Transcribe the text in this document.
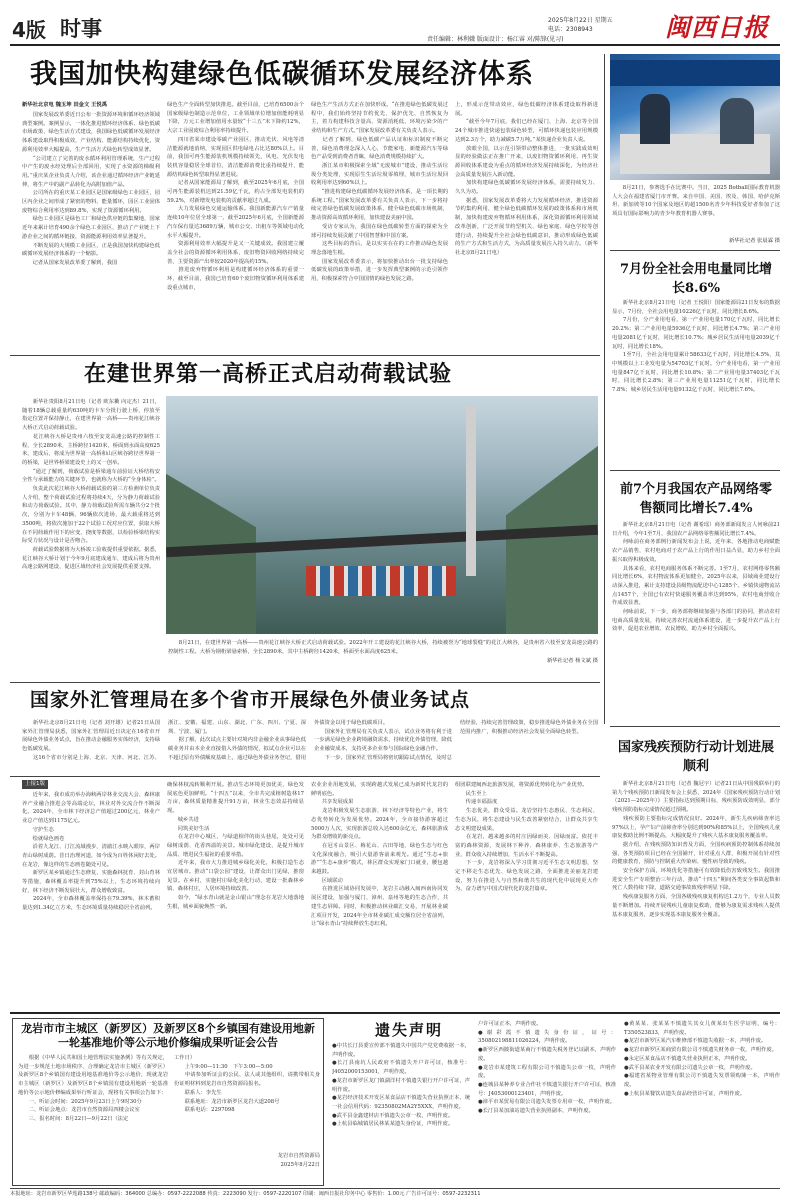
4版 时事	2025年8月22日 星期五
电话：2308943
责任编辑：林利娥 版面设计：杨江睿 对/陈锋(见习)	闽西日报
我国加快构建绿色低碳循环发展经济体系
新华社北京电 魏玉坤 田金文 王悦禹
　　国家发展改革委近日公布一批资源环境和循环经济领域典型案例。案例显示，一体化推进循环经济体系、绿色低碳市场政策、绿色生活方式建设，我国绿色低碳循环发展经济体系建设取得积极成效，产业结构、能源结构持续优化，资源利用效率大幅提高，生产生活方式绿色转型成效显著。
　　“公司建立了完善的废水循环利用管理系统，生产过程中产生的废水经处理后全部回用，实现了水资源的梯级利用。”重庆某企业负责人介绍，该企业通过循环经济产业链延伸，将生产中的副产品转化为高附加值产品。
　　公司所在的重庆某工业园区是国家级绿色工业园区，园区内企业之间形成了紧密的物料、能量循环，园区工业固体废物综合利用率达到89.8%，实现了资源循环利用。
　　绿色工业园区是绿色工厂和绿色供应链的集聚地，国家近年来累计培育490余个绿色工业园区，推动了产业链上下游企业之间的循环链接，资源能源利用效率显著提升。
　　不断发展的大规模工业园区，正是我国加快构建绿色低碳循环发展经济体系的一个缩影。
　　记者从国家发展改革委了解到，我国
绿色生产全面转型加快推进。截至目前，已培育6500余个国家级绿色制造示范单位，工业领域单位增加值能耗明显下降，万元工业增加值用水量较“十三五”末下降约12%，大宗工业固废综合利用率持续提升。
　　四川省某市建设零碳产业园区，推动光伏、风电等清洁能源就地消纳，实现园区供电绿电占比达80%以上。目前，我国可再生能源装机规模持续领先，风电、光伏发电装机容量稳居全球首位，清洁能源消费比重持续提升，能源结构绿色转型取得显著进展。
　　记者从国家能源局了解到，截至2025年6月底，全国可再生能源装机达到21.59亿千瓦，约占全部发电装机的59.2%，对新增发电装机的贡献率超过九成。
　　大力发展绿色交通运输体系。我国新能源汽车产销量连续10年位居全球第一，截至2025年6月底，全国新能源汽车保有量达3689万辆，城市公交、出租车等领域电动化水平大幅提升。
　　资源利用效率大幅提升是又一关键成效。我国建立覆盖全社会的资源循环利用体系，废旧物资回收网络持续完善，主要资源产出率较2020年提高约15%。
　　推进废弃物循环利用是构建循环经济体系的重要一环，截至目前，我国已培育60个废旧物资循环利用体系建设重点城市，
绿色生产生活方式正在加快形成。“在推进绿色低碳发展过程中，我们始终坚持节约优先、保护优先、自然恢复为主，着力构建科技含量高、资源消耗低、环境污染少的产业结构和生产方式。”国家发展改革委有关负责人表示。
　　记者了解到，绿色低碳产品认证和标识制度不断完善，绿色消费理念深入人心，节能家电、新能源汽车等绿色产品受到消费者青睐，绿色消费规模持续扩大。
　　浙江某市积极探索全域“无废城市”建设，推动生活垃圾分类处理，实现原生生活垃圾零填埋，城市生活垃圾回收利用率达到60%以上。
　　“推进构建绿色低碳循环发展经济体系，是一项长期的系统工程。”国家发展改革委有关负责人表示，下一步将持续完善绿色低碳发展政策体系，健全绿色低碳市场机制，推动资源高效循环利用，加快建设美丽中国。
　　受访专家认为，我国在绿色低碳转型方面的探索为全球可持续发展贡献了中国智慧和中国方案。
　　这些目标的背后，是以实实在在的工作推动绿色发展理念落地生根。
　　国家发展改革委表示，将加快推动出台一批支持绿色低碳发展的政策举措，进一步发挥典型案例的示范引领作用，积极探索符合中国国情的绿色发展之路。
上，形成示范带动效应，绿色低碳经济体系建设取得新进展。
　　“截至今年7月底，我们已经在厦门、上海、北京等全国24个城市推进快递包装绿色转型，可循环快递包装应用规模达到2.3万个，助力减碳5.7万吨。”某快递企业负责人说。
　　放眼全国，以示范引领带动整体推进，一批实践成效明显的经验做法正在推广开来，以废旧物资循环利用、再生资源回收体系建设为重点的循环经济发展持续深化，为经济社会高质量发展注入新动能。
　　加快构建绿色低碳循环发展经济体系，需要持续发力、久久为功。
　　据悉，国家发展改革委将大力发展循环经济，推进资源节约集约利用，健全绿色低碳循环发展的政策体系和市场机制，加快构建废弃物循环利用体系，深化资源循环利用领域改革创新，广泛开展节约型机关、绿色家庭、绿色学校等创建行动，持续提升全社会绿色低碳意识，推动形成绿色低碳的生产方式和生活方式，为高质量发展注入持久动力。（新华社北京8月21日电）
　　8月21日，参赛选手在比赛中。当日，2025 Botball国际教育机器人大会在福建省厦门市开赛。来自中国、美国、埃及、韩国、哈萨克斯坦、新加坡等10个国家及地区的超1500名青少年科技爱好者参加了这项具有国际影响力的青少年教育机器人赛事。
新华社记者 张晨霖 摄
7月份全社会用电量同比增长8.6%
　　新华社北京8月21日电（记者 王悦阳）国家能源局21日发布的数据显示，7月份，全社会用电量10226亿千瓦时，同比增长8.6%。
　　7月份，分产业用电看，第一产业用电量170亿千瓦时，同比增长20.2%；第二产业用电量5936亿千瓦时，同比增长4.7%；第三产业用电量2081亿千瓦时，同比增长10.7%；城乡居民生活用电量2039亿千瓦时，同比增长18%。
　　1至7月，全社会用电量累计58633亿千瓦时，同比增长4.5%，其中规模以上工业发电量为54703亿千瓦时。分产业用电看，第一产业用电量847亿千瓦时，同比增长10.8%；第二产业用电量37403亿千瓦时，同比增长2.8%；第三产业用电量11251亿千瓦时，同比增长7.8%；城乡居民生活用电量9132亿千瓦时，同比增长7.6%。
在建世界第一高桥正式启动荷载试验
　　新华社贵阳8月21日电（记者 欧东衢 向定杰）21日，随着18辆总载重量约630吨的卡车分批行驶上桥，停放至指定位置并保持静止，在建世界第一高桥——贵州花江峡谷大桥正式启动荷载试验。
　　花江峡谷大桥是贵州六枝至安龙高速公路的控制性工程，全长2890米，主桥跨径1420米，桥面到水面高度625米，建成后，将成为世界第一高桥和山区峡谷跨径世界第一的桥梁，是世界桥梁建设史上的又一创举。
　　“通过了解到，荷载试验是桥梁通车前验证大桥结构安全性与承载能力的关键环节，也就称为大桥的“全身体检”。
　　负责此次花江峡谷大桥荷载试验的第三方检测单位负责人介绍，整个荷载试验过程将持续4天，分为静力荷载试验和动力荷载试验。其中，静力荷载试验所需车辆共分2个批次，分别为卡车48辆、96辆依次进场，最大载重将达到3500吨，将依次施加于22个试验工况对应位置，获取大桥在不同荷载作用下的应变、挠度等数据，以检验桥梁结构实际受力状况与设计是否吻合。
　　荷载试验数据将为大桥竣工验收提供重要依据。据悉，花江峡谷大桥计划于今年9月底建成通车，建成后将为贵州高速公路网建设、促进区域经济社会发展提供重要支撑。
　　8月21日，在建世界第一高桥——贵州花江峡谷大桥正式启动荷载试验。2022年开工建设的花江峡谷大桥，持续被誉为“地球裂缝”的花江大峡谷，是贵州省六枝至安龙高速公路的控制性工程。大桥为钢桁梁悬索桥，全长2890米，其中主桥跨径1420米，桥面至水面高度625米。
新华社记者 杨文斌 摄
前7个月我国农产品网络零售额同比增长7.4%
　　新华社北京8月21日电（记者 谢希瑶）商务部新闻发言人何咏前21日介绍，今年1至7月，我国农产品网络零售额同比增长7.4%。
　　何咏前在商务部例行新闻发布会上说，近年来，各地推动电商赋能农产品销售，农村电商对于农产品上行的作用日益凸显，助力乡村全面振兴取得积极成效。
　　具体来看，农村电商服务体系不断完善。1至7月，农村网络零售额同比增长6%，农村物流体系更加健全。2025年以来，县域商业建设行动深入推进，累计支持建设县级物流配送中心1285个、乡镇快递物流站点1457个，全国已有农村快递服务覆盖率达到95%，农村电商营收合作成效显著。
　　何咏前说，下一步，商务部将继续加强与各部门的协同，推动农村电商高质量发展，持续完善农村流通体系建设，进一步提升农产品上行效率，促进农业增效、农民增收，助力乡村全面振兴。
国家外汇管理局在多个省市开展绿色外债业务试点
　　新华社北京8月21日电（记者 刘开雄）记者21日从国家外汇管理局获悉，国家外汇管理局近日决定在16省市开展绿色外债业务试点，旨在推动金融服务实体经济，支持绿色低碳发展。
　　这16个省市分别是上海、北京、天津、河北、江苏、浙江、安徽、福建、山东、湖北、广东、四川、宁夏、深圳、宁波、厦门。
　　据了解，此次试点主要针对境内非金融企业从事绿色低碳业务并由本企业直接借入外债的情况，拟试点企业可以在不超过原有外债额度基础上，通过绿色外债业务登记，借用外债资金以用于绿色低碳项目。
　　国家外汇管理局有关负责人表示，试点业务将有利于进一步满足绿色企业跨境融资需求，持续优化外债管理，降低企业融资成本，支持更多企业参与国际绿色金融合作。
　　下一步，国家外汇管理局将密切跟踪试点情况，及时总结经验，持续完善管理政策，稳步推进绿色外债业务在全国范围内推广，积极推动经济社会发展全面绿色转型。
国家残疾预防行动计划进展顺利
　　新华社北京8月21日电（记者 魏冠宇）记者21日从中国残联举行的第九个残疾预防日新闻发布会上获悉，2024年《国家残疾预防行动计划（2021—2025年）》主要指标达到预期目标，残疾预防成效明显，部分残疾预防指标完成情况超过预期。
　　残疾预防主要指标完成情况良好。2024年，新生儿疾病筛查率达97%以上，孕产妇产前筛查率分别达到90%和85%以上，全国残疾儿童康复救助比例不断提高，大幅度提升了残疾人基本康复服务覆盖率。
　　据介绍，在残疾预防知识普及方面，全国疾病预防控制体系持续加强，各类预防项目已经在全国铺开，针对重点人群，积极开展有针对性的健康教育，预防与控制重大传染病、慢性病导致的残疾。
　　安全保护方面，环境优化等措施可有效降低伤害致残发生。我国推进安全生产专项整治三年行动，推动“十四五”期间各类安全事故起数和死亡人数持续下降，道路交通事故致残率明显下降。
　　残疾康复服务方面，全国各级残疾康复机构达1.2万个，专业人员数量不断增加。持续开展残疾儿童康复救助，能够为康复需求残疾人提供基本康复服务，逐步实现基本康复服务全覆盖。
上接1版
　　近年来，我市成功举办海峡两岸林业交流大会、森林康养产业融合推进会等高端论坛，林业对外交流合作不断深化。2024年，全市林下经济总产值超过200亿元，林业产业总产值达到1175亿元。
　　守护生态
　　绘就绿色画卷
　　沿着九龙江、汀江流域漫步，清澈江水映入眼帘，两岸青山绿树成荫。昔日治理河道，如今成为百姓休闲好去处。在龙岩，像这样的生态画卷随处可见。
　　新罗区某乡镇通过生态修复，实施森林抚育、封山育林等措施，森林覆盖率提升到75%以上，生态环境持续向好，林下经济不断发展壮大，群众增收致富。
　　2024年，全市森林覆盖率保持在79.39%，林木蓄积量达到1.34亿立方米，生态环境质量持续稳居全省前列。
确保林权流转顺利开展。推动生态环境更加优美，绿色发展底色更加鲜明。“十四五”以来，全市共完成植树造林17万亩，森林质量精准提升91万亩，林业生态效益持续显现。
　　城乡共进
　　同筑美好生活
　　在龙岩中心城区，与绿道相伴的街头巷尾，处处可见绿树成荫、花香四溢的美景。城市绿化建设，是提升城市品质、增进民生福祉的重要举措。
　　近年来，我市大力推进城乡绿化美化，积极打造生态宜居城市。推动“口袋公园”建设，让群众出门见绿，推窗见景。在乡村，实施村庄绿化美化行动，建设一批森林乡镇、森林村庄，人居环境持续改善。
　　如今，“绿水青山就是金山银山”理念在龙岩大地落地生根，城乡面貌焕然一新。
农业企业用地发展，实现跨越式发展已成为新时代龙岩的鲜明底色。
　　共享发展成果
　　龙岩积极发展生态旅游、林下经济等特色产业，将生态优势转化为发展优势。2024年，全市接待游客超过5000万人次，实现旅游总收入达600余亿元，森林旅游成为群众增收的新亮点。
　　在冠豸山景区、梅花山、古田等地，绿色生态与红色文化深度融合，吸引大量游客前来观光。通过“生态+旅游”“生态+康养”模式，林区群众实现家门口就业，腰包越来越鼓。
　　区域联动
　　在推进区域协同发展中，龙岩主动融入闽西南协同发展区建设，加强与厦门、漳州、泉州等地的生态合作，共建生态屏障。同时，积极推动林业碳汇交易，开展林业碳汇项目开发，2024年全市林业碳汇成交额位居全省前列，让“绿水青山”持续释放生态红利。
组团联建闽西北旅游发展，将资源优势转化为产业优势。
　　民生至上
　　传递幸福温度
　　生态优美，群众受益。龙岩坚持生态惠民、生态利民、生态为民，将生态建设与民生改善紧密结合，让群众共享生态文明建设成果。
　　在龙岩，越来越多的村庄因绿而美、因绿而富。依托丰富的森林资源，发展林下种养、森林康养、生态旅游等产业，群众收入持续增加，生活水平不断提高。
　　下一步，龙岩将深入学习贯彻习近平生态文明思想，坚定不移走生态优先、绿色发展之路，全面推进美丽龙岩建设，努力在推进人与自然和谐共生的现代化中展现更大作为，奋力谱写中国式现代化的龙岩篇章。
龙岩市市主城区（新罗区）及新罗区8个乡镇国有建设用地新一轮基准地价等公示地价修编成果听证会公告
　　根据《中华人民共和国土地管理法实施条例》等有关规定，为进一步规范土地市场秩序，合理确定龙岩市主城区（新罗区）及新罗区8个乡镇国有建设用地基准地价等公示地价，现就龙岩市主城区（新罗区）及新罗区8个乡镇国有建设用地新一轮基准地价等公示地价修编成果举行听证会，现将有关事项公告如下：
　　一、听证会时间：2025年9月23日上午9时30分
　　二、听证会地点：龙岩市自然资源局四楼会议室
　　三、报名时间：8月22日—9月22日（法定
工作日）
　　上午9:00—11:30　下午3:00—5:00
　　申请参加听证会的公民、法人或其他组织，请携带相关身份证明材料到龙岩市自然资源局报名。
　　联系人：李先生
　　联系地址：龙岩市新罗区龙岩大道208号
　　联系电话：2297098
龙岩市自然资源局
2025年8月22日
遗失声明
●中共长汀县委宣传部不慎遗失中国共产党党费收据一本，声明作废。
●长汀县南坑人民政府不慎遗失开户许可证，核准号：J4052000153001，声明作废。
●龙岩市新罗区龙门镇湖洋村不慎遗失银行开户许可证，声明作废。
●龙岩经济技术开发区某食品店不慎遗失营业执照正本，统一社会信用代码：92350802MA2Y5XXX，声明作废。
●武平县金鑫建材店不慎遗失公章一枚，声明作废。
●上杭县临城镇居民林某某遗失身份证，声明作废。
户许可证正本，声明作废。
●谢彩霞不慎遗失身份证，证号：350802198811026224，声明作废。
●新罗区西陂街道某商行不慎遗失税务登记证副本，声明作废。
●龙岩市某建筑工程有限公司不慎遗失公章一枚，声明作废。
●连城县某种养专业合作社不慎遗失银行开户许可证，核准号：J4053000123401，声明作废。
●漳平市某贸易有限公司遗失发票专用章一枚，声明作废。
●长汀县某加油站遗失营业执照副本，声明作废。
●黄某某、张某某不慎遗失其女儿黄某出生医学证明，编号：T350523833，声明作废。
●龙岩市新罗区某汽车维修部不慎遗失收据一本，声明作废。
●龙岩市新罗区某商贸有限公司不慎遗失财务章一枚，声明作废。
●永定区某食品店不慎遗失营业执照正本，声明作废。
●武平县某农业开发有限公司遗失公章一枚，声明作废。
●福建省某物业管理有限公司不慎遗失发票领购簿一本，声明作废。
●上杭县某餐饮店遗失食品经营许可证，声明作废。
本报地址：龙岩市新罗区华莲路138号 邮政编码：364000 总编办：0597-2222088 传真：2223090 发行：0597-2220107 印刷：闽西日报社印务中心 零售价：1.00元 广告许可证号：0597-2232311
